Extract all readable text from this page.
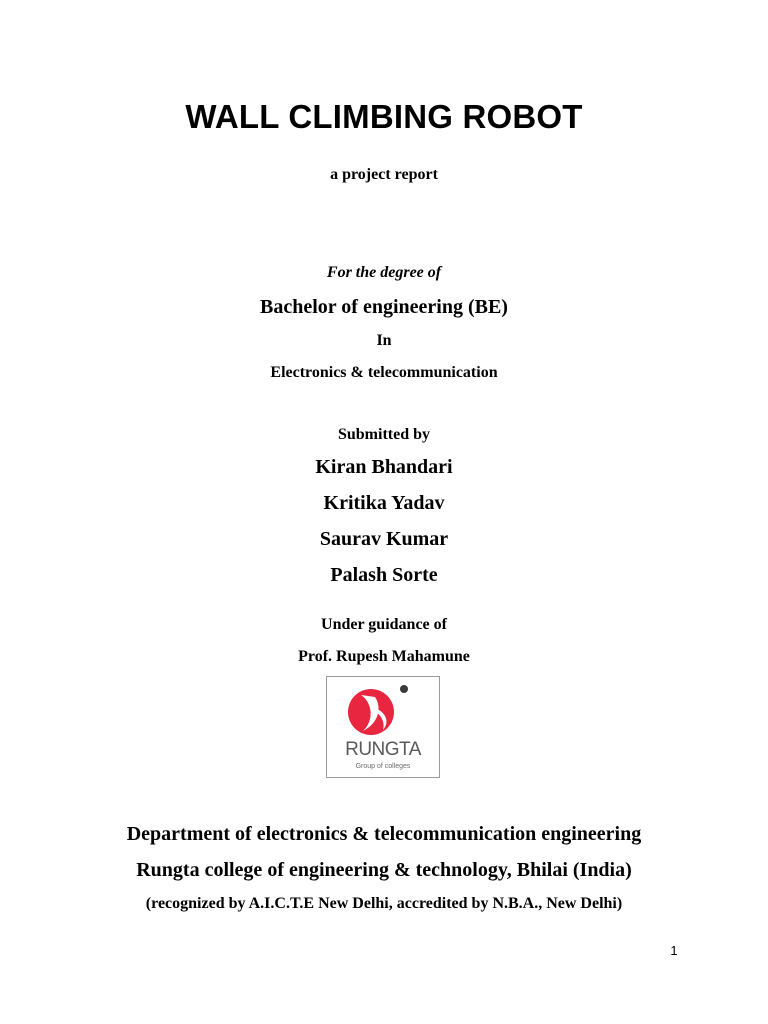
WALL CLIMBING ROBOT
a project report
For the degree of
Bachelor of engineering (BE)
In
Electronics & telecommunication
Submitted by
Kiran Bhandari
Kritika Yadav
Saurav Kumar
Palash Sorte
Under guidance of
Prof. Rupesh Mahamune
RUNGTA
Group of colleges
Department of electronics & telecommunication engineering
Rungta college of engineering & technology, Bhilai (India)
(recognized by A.I.C.T.E New Delhi, accredited by N.B.A., New Delhi)
1
